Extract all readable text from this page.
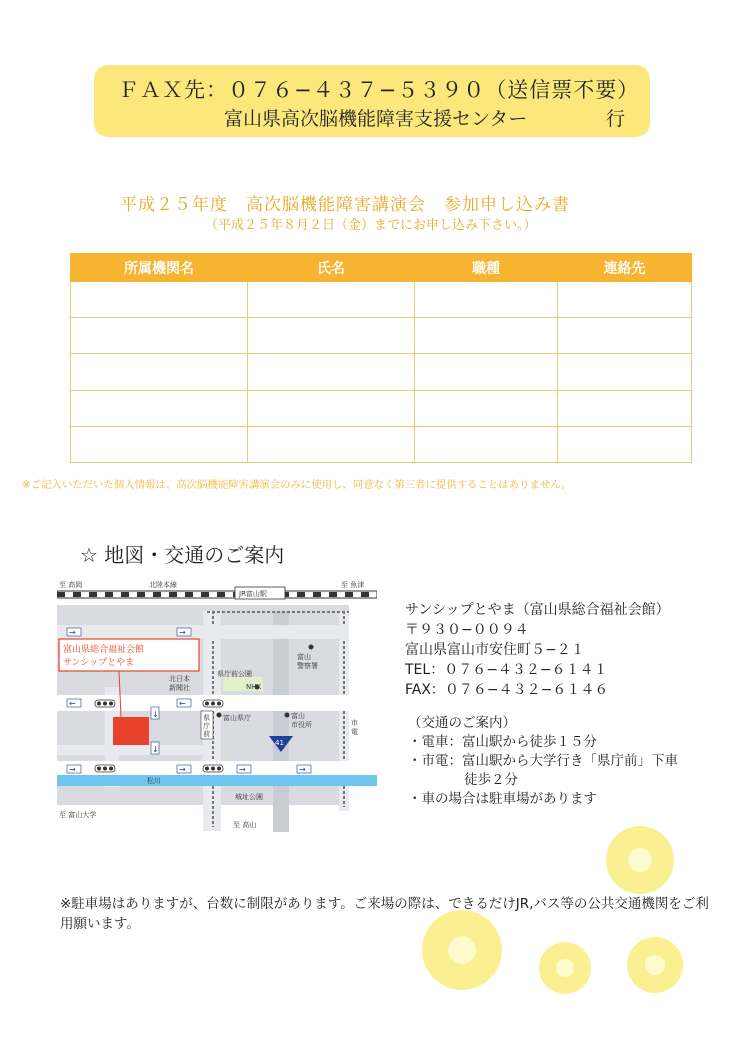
ＦＡＸ先：０７６−４３７−５３９０（送信票不要）
富山県高次脳機能障害支援センター	行
平成２５年度　高次脳機能障害講演会　参加申し込み書
（平成２５年８月２日（金）までにお申し込み下さい。）
所属機関名	氏名	職種	連絡先

※ご記入いただいた個人情報は、高次脳機能障害講演会のみに使用し、同意なく第三者に提供することはありません。
☆ 地図・交通のご案内
至 高岡	北陸本線
JR富山駅
至 魚津
→	→
←	←
→	→	→	→
↓
↓
富山県総合福祉会館
サンシップとやま
富山
警察署
県庁前公園
北日本
新聞社	NHK
富山
市役所
富山県庁
県
庁
前
市
電
41
松川
城址公園
至 富山大学
至 高山
サンシップとやま（富山県総合福祉会館）
〒９３０−００９４
富山県富山市安住町５−２１
TEL：０７６−４３２−６１４１
FAX：０７６−４３２−６１４６
（交通のご案内）
・電車：富山駅から徒歩１５分
・市電：富山駅から大学行き「県庁前」下車
徒歩２分
・車の場合は駐車場があります
※駐車場はありますが、台数に制限があります。ご来場の際は、できるだけJR,バス等の公共交通機関をご利用願います。
